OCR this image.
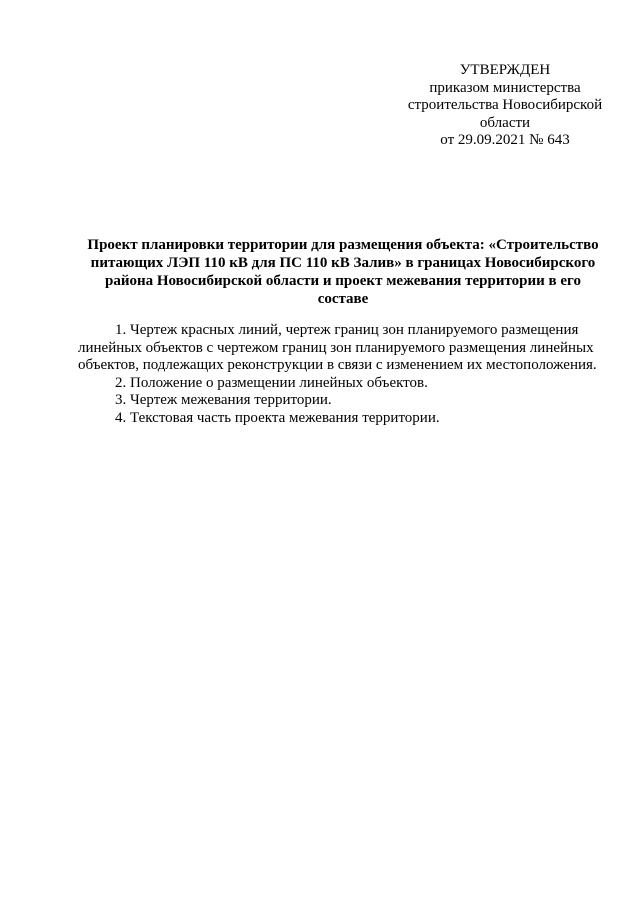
УТВЕРЖДЕН
приказом министерства
строительства Новосибирской
области
от 29.09.2021 № 643
Проект планировки территории для размещения объекта: «Строительство
питающих ЛЭП 110 кВ для ПС 110 кВ Залив» в границах Новосибирского
района Новосибирской области и проект межевания территории в его
составе
1. Чертеж красных линий, чертеж границ зон планируемого размещения
линейных объектов с чертежом границ зон планируемого размещения линейных
объектов, подлежащих реконструкции в связи с изменением их местоположения.
2. Положение о размещении линейных объектов.
3. Чертеж межевания территории.
4. Текстовая часть проекта межевания территории.
